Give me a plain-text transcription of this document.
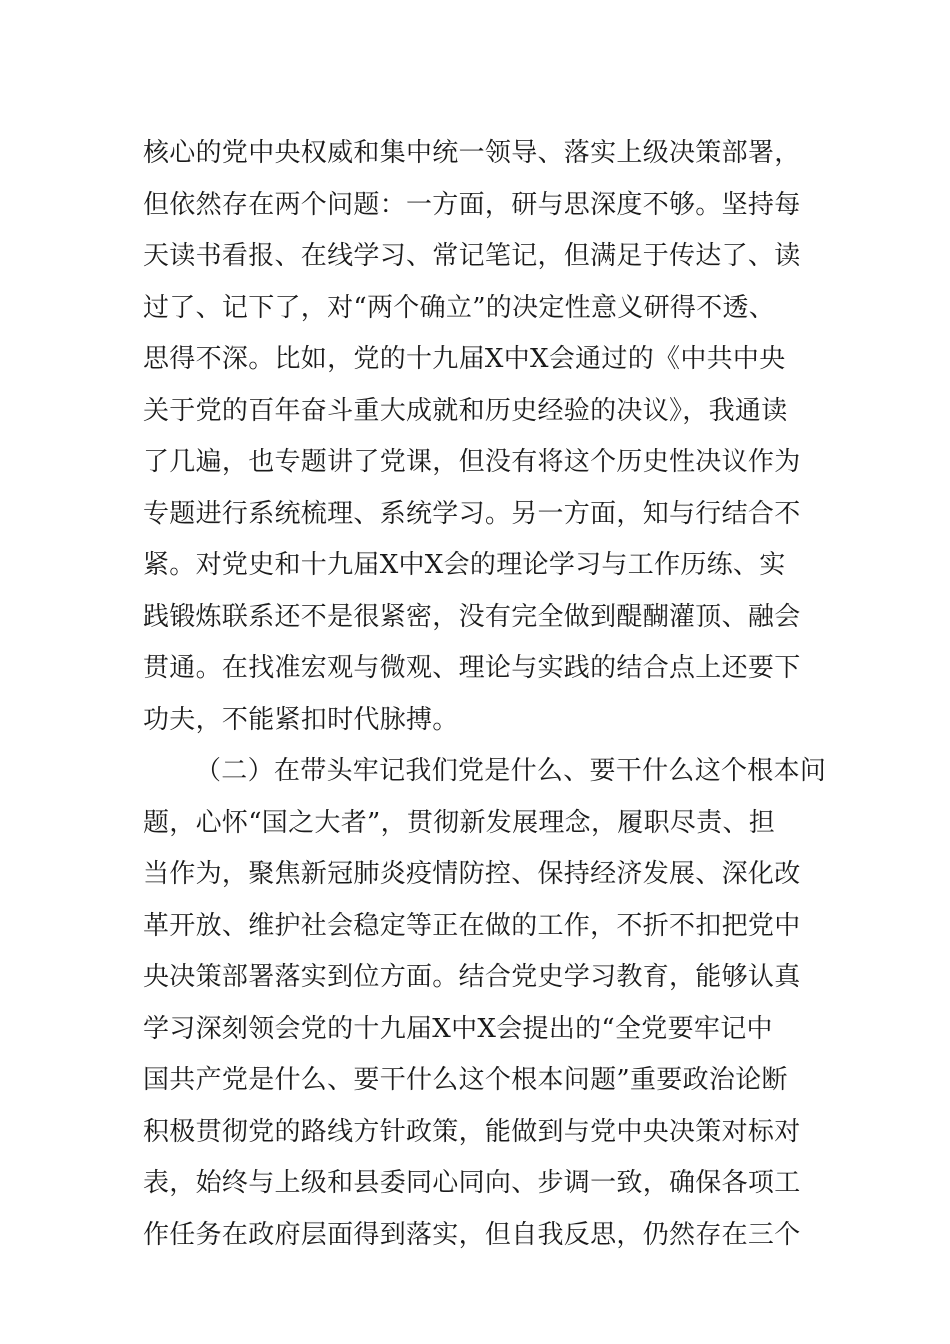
核心的党中央权威和集中统一领导、落实上级决策部署，
但依然存在两个问题：一方面，研与思深度不够。坚持每
天读书看报、在线学习、常记笔记，但满足于传达了、读
过了、记下了，对“两个确立”的决定性意义研得不透、
思得不深。比如，党的十九届X中X会通过的《中共中央
关于党的百年奋斗重大成就和历史经验的决议》，我通读
了几遍，也专题讲了党课，但没有将这个历史性决议作为
专题进行系统梳理、系统学习。另一方面，知与行结合不
紧。对党史和十九届X中X会的理论学习与工作历练、实
践锻炼联系还不是很紧密，没有完全做到醍醐灌顶、融会
贯通。在找准宏观与微观、理论与实践的结合点上还要下
功夫，不能紧扣时代脉搏。
（二）在带头牢记我们党是什么、要干什么这个根本问
题，心怀“国之大者”，贯彻新发展理念，履职尽责、担
当作为，聚焦新冠肺炎疫情防控、保持经济发展、深化改
革开放、维护社会稳定等正在做的工作，不折不扣把党中
央决策部署落实到位方面。结合党史学习教育，能够认真
学习深刻领会党的十九届X中X会提出的“全党要牢记中
国共产党是什么、要干什么这个根本问题”重要政治论断
积极贯彻党的路线方针政策，能做到与党中央决策对标对
表，始终与上级和县委同心同向、步调一致，确保各项工
作任务在政府层面得到落实，但自我反思，仍然存在三个
